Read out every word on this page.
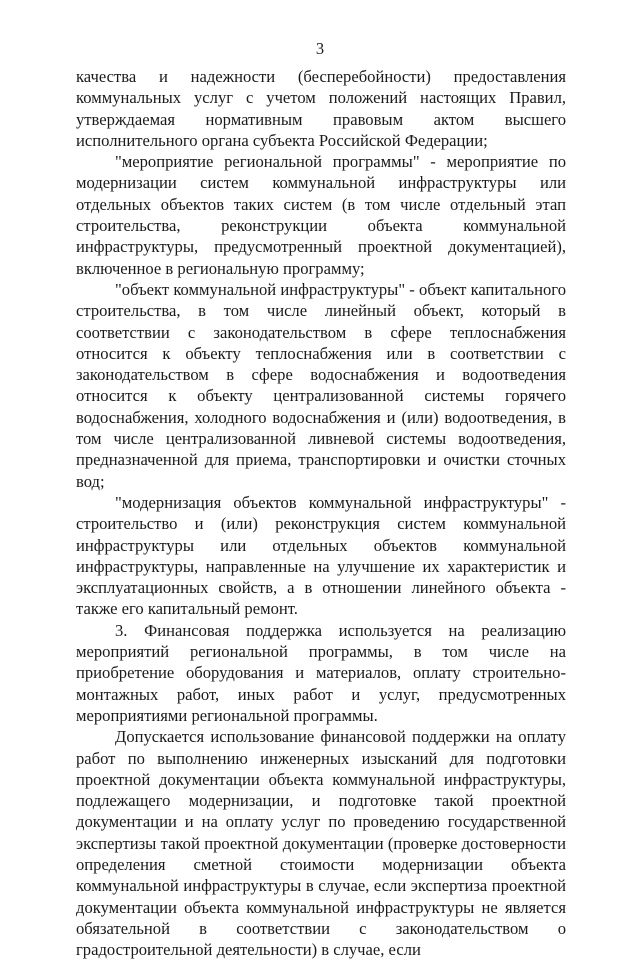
3

качества и надежности (бесперебойности) предоставления коммунальных услуг с учетом положений настоящих Правил, утверждаемая нормативным правовым актом высшего исполнительного органа субъекта Российской Федерации;

"мероприятие региональной программы" - мероприятие по модернизации систем коммунальной инфраструктуры или отдельных объектов таких систем (в том числе отдельный этап строительства, реконструкции объекта коммунальной инфраструктуры, предусмотренный проектной документацией), включенное в региональную программу;

"объект коммунальной инфраструктуры" - объект капитального строительства, в том числе линейный объект, который в соответствии с законодательством в сфере теплоснабжения относится к объекту теплоснабжения или в соответствии с законодательством в сфере водоснабжения и водоотведения относится к объекту централизованной системы горячего водоснабжения, холодного водоснабжения и (или) водоотведения, в том числе централизованной ливневой системы водоотведения, предназначенной для приема, транспортировки и очистки сточных вод;

"модернизация объектов коммунальной инфраструктуры" - строительство и (или) реконструкция систем коммунальной инфраструктуры или отдельных объектов коммунальной инфраструктуры, направленные на улучшение их характеристик и эксплуатационных свойств, а в отношении линейного объекта - также его капитальный ремонт.

3. Финансовая поддержка используется на реализацию мероприятий региональной программы, в том числе на приобретение оборудования и материалов, оплату строительно-монтажных работ, иных работ и услуг, предусмотренных мероприятиями региональной программы.

Допускается использование финансовой поддержки на оплату работ по выполнению инженерных изысканий для подготовки проектной документации объекта коммунальной инфраструктуры, подлежащего модернизации, и подготовке такой проектной документации и на оплату услуг по проведению государственной экспертизы такой проектной документации (проверке достоверности определения сметной стоимости модернизации объекта коммунальной инфраструктуры в случае, если экспертиза проектной документации объекта коммунальной инфраструктуры не является обязательной в соответствии с законодательством о градостроительной деятельности) в случае, если
